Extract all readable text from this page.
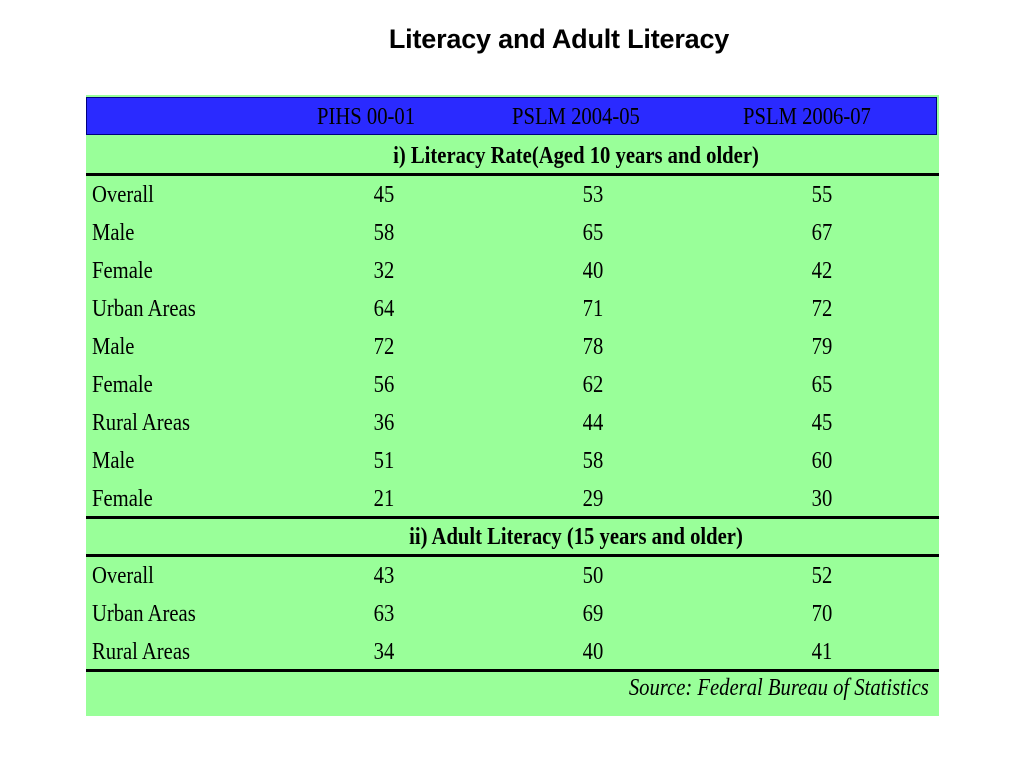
Literacy and Adult Literacy
PIHS 00-01	PSLM 2004-05	PSLM 2006-07
i) Literacy Rate(Aged 10 years and older)
Overall	45	53	55
Male	58	65	67
Female	32	40	42
Urban Areas	64	71	72
Male	72	78	79
Female	56	62	65
Rural Areas	36	44	45
Male	51	58	60
Female	21	29	30
ii) Adult Literacy (15 years and older)
Overall	43	50	52
Urban Areas	63	69	70
Rural Areas	34	40	41
Source: Federal Bureau of Statistics
